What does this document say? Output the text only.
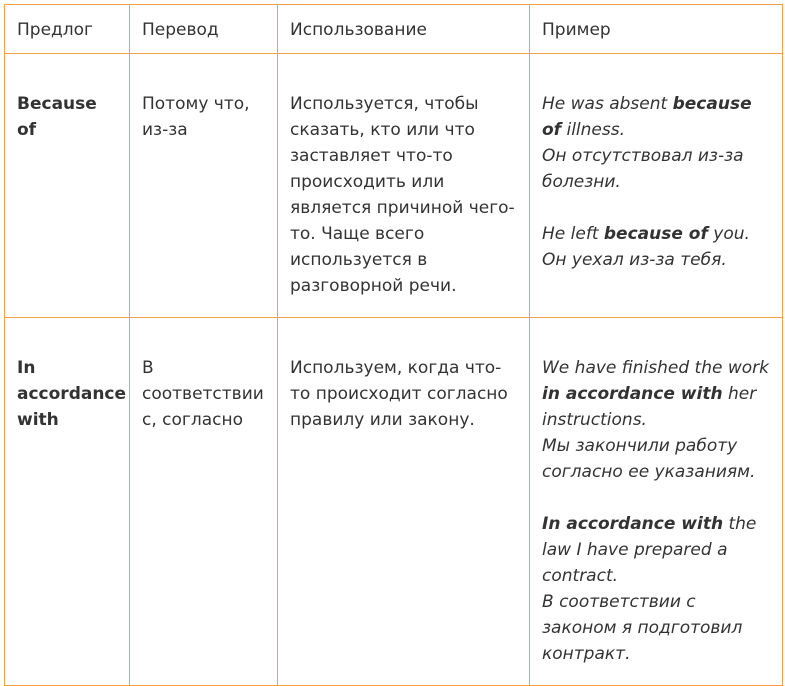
Предлог	Перевод	Использование	Пример
Because of	Потому что, из-за	Используется, чтобы сказать, кто или что заставляет что-то происходить или является причиной чего-то. Чаще всего используется в разговорной речи.	He was absent because of illness.
Он отсутствовал из-за болезни.
He left because of you.
Он уехал из-за тебя.

In accordance with	В соответствии с, согласно	Используем, когда что-то происходит согласно правилу или закону.	We have finished the work in accordance with her instructions.
Мы закончили работу согласно ее указаниям.
In accordance with the law I have prepared a contract.
В соответствии с законом я подготовил контракт.
